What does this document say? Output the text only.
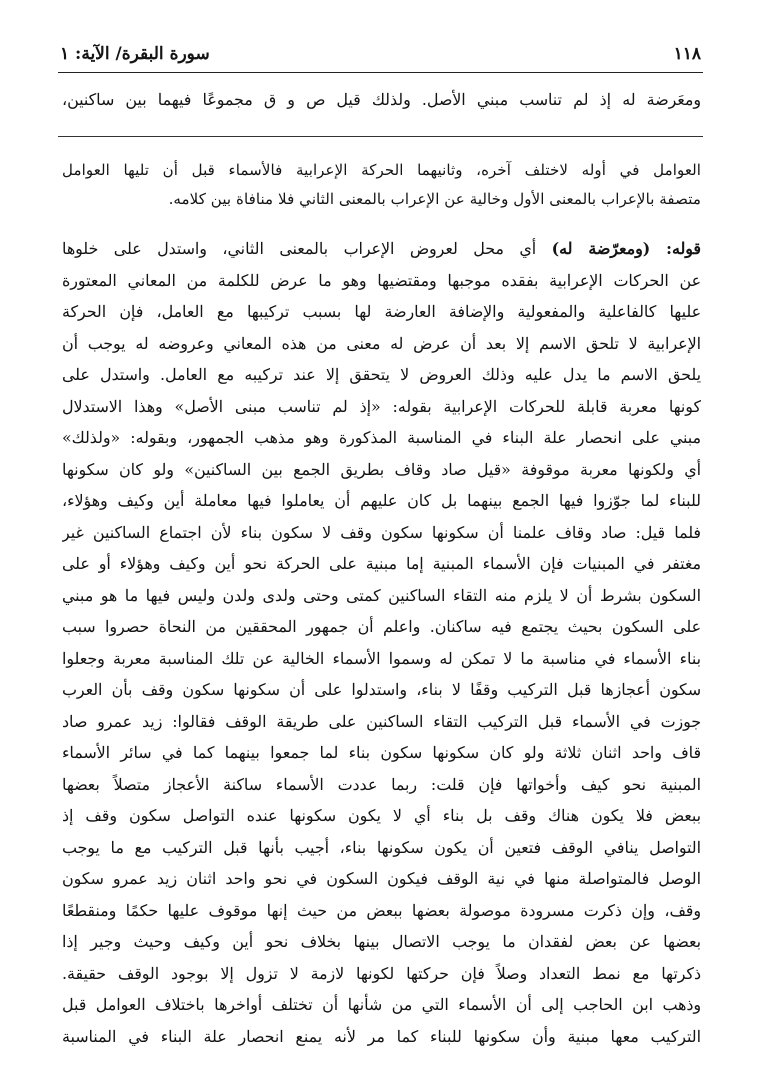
١١٨
سورة البقرة/ الآية: ١
ومعَرضة له إذ لم تناسب مبني الأصل. ولذلك قيل ص و ق مجموعًا فيهما بين ساكنين،
العوامل في أوله لاختلف آخره، وثانيهما الحركة الإعرابية فالأسماء قبل أن تليها العوامل
متصفة بالإعراب بالمعنى الأول وخالية عن الإعراب بالمعنى الثاني فلا منافاة بين كلامه.
قوله: (ومعرّضة له) أي محل لعروض الإعراب بالمعنى الثاني، واستدل على خلوها
عن الحركات الإعرابية بفقده موجبها ومقتضيها وهو ما عرض للكلمة من المعاني المعتورة
عليها كالفاعلية والمفعولية والإضافة العارضة لها بسبب تركيبها مع العامل، فإن الحركة
الإعرابية لا تلحق الاسم إلا بعد أن عرض له معنى من هذه المعاني وعروضه له يوجب أن
يلحق الاسم ما يدل عليه وذلك العروض لا يتحقق إلا عند تركيبه مع العامل. واستدل على
كونها معربة قابلة للحركات الإعرابية بقوله: «إذ لم تناسب مبنى الأصل» وهذا الاستدلال
مبني على انحصار علة البناء في المناسبة المذكورة وهو مذهب الجمهور، وبقوله: «ولذلك»
أي ولكونها معربة موقوفة «قيل صاد وقاف بطريق الجمع بين الساكنين» ولو كان سكونها
للبناء لما جوّزوا فيها الجمع بينهما بل كان عليهم أن يعاملوا فيها معاملة أين وكيف وهؤلاء،
فلما قيل: صاد وقاف علمنا أن سكونها سكون وقف لا سكون بناء لأن اجتماع الساكنين غير
مغتفر في المبنيات فإن الأسماء المبنية إما مبنية على الحركة نحو أين وكيف وهؤلاء أو على
السكون بشرط أن لا يلزم منه التقاء الساكنين كمتى وحتى ولدى ولدن وليس فيها ما هو مبني
على السكون بحيث يجتمع فيه ساكنان. واعلم أن جمهور المحققين من النحاة حصروا سبب
بناء الأسماء في مناسبة ما لا تمكن له وسموا الأسماء الخالية عن تلك المناسبة معربة وجعلوا
سكون أعجازها قبل التركيب وقفًا لا بناء، واستدلوا على أن سكونها سكون وقف بأن العرب
جوزت في الأسماء قبل التركيب التقاء الساكنين على طريقة الوقف فقالوا: زيد عمرو صاد
قاف واحد اثنان ثلاثة ولو كان سكونها سكون بناء لما جمعوا بينهما كما في سائر الأسماء
المبنية نحو كيف وأخواتها فإن قلت: ربما عددت الأسماء ساكنة الأعجاز متصلاً بعضها
ببعض فلا يكون هناك وقف بل بناء أي لا يكون سكونها عنده التواصل سكون وقف إذ
التواصل ينافي الوقف فتعين أن يكون سكونها بناء، أجيب بأنها قبل التركيب مع ما يوجب
الوصل فالمتواصلة منها في نية الوقف فيكون السكون في نحو واحد اثنان زيد عمرو سكون
وقف، وإن ذكرت مسرودة موصولة بعضها ببعض من حيث إنها موقوف عليها حكمًا ومنقطعًا
بعضها عن بعض لفقدان ما يوجب الاتصال بينها بخلاف نحو أين وكيف وحيث وجير إذا
ذكرتها مع نمط التعداد وصلاً فإن حركتها لكونها لازمة لا تزول إلا بوجود الوقف حقيقة.
وذهب ابن الحاجب إلى أن الأسماء التي من شأنها أن تختلف أواخرها باختلاف العوامل قبل
التركيب معها مبنية وأن سكونها للبناء كما مر لأنه يمنع انحصار علة البناء في المناسبة
